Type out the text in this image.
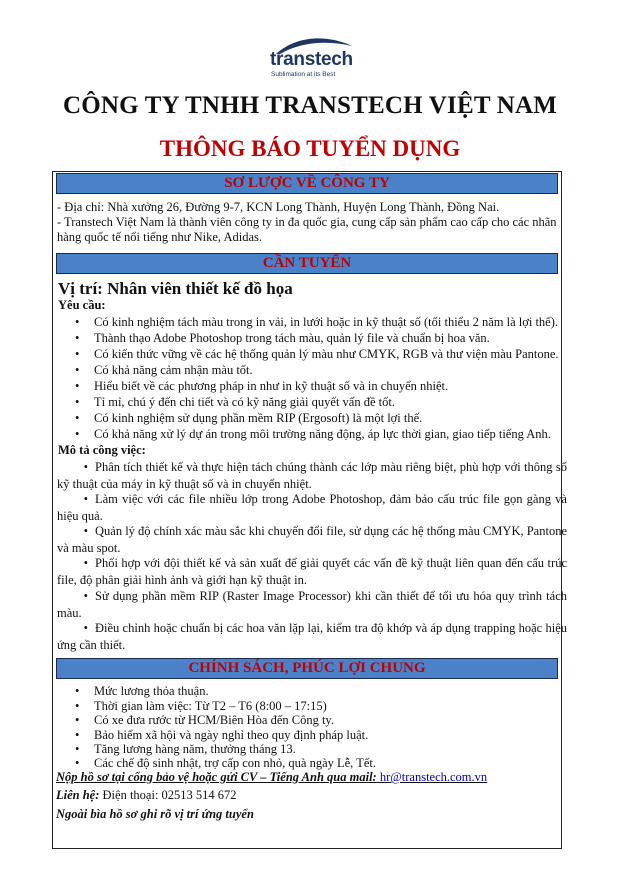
transtech
Sublimation at its Best
CÔNG TY TNHH TRANSTECH VIỆT NAM
THÔNG BÁO TUYỂN DỤNG
SƠ LƯỢC VỀ CÔNG TY
- Địa chỉ: Nhà xưởng 26, Đường 9-7, KCN Long Thành, Huyện Long Thành, Đồng Nai.
- Transtech Việt Nam là thành viên công ty in đa quốc gia, cung cấp sản phẩm cao cấp cho các nhãn hàng quốc tế nổi tiếng như Nike, Adidas.
CẦN TUYỂN
Vị trí: Nhân viên thiết kế đồ họa
Yêu cầu:
• Có kinh nghiệm tách màu trong in vải, in lưới hoặc in kỹ thuật số (tối thiểu 2 năm là lợi thế).
• Thành thạo Adobe Photoshop trong tách màu, quản lý file và chuẩn bị hoa văn.
• Có kiến thức vững về các hệ thống quản lý màu như CMYK, RGB và thư viện màu Pantone.
• Có khả năng cảm nhận màu tốt.
• Hiểu biết về các phương pháp in như in kỹ thuật số và in chuyển nhiệt.
• Tỉ mỉ, chú ý đến chi tiết và có kỹ năng giải quyết vấn đề tốt.
• Có kinh nghiệm sử dụng phần mềm RIP (Ergosoft) là một lợi thế.
• Có khả năng xử lý dự án trong môi trường năng động, áp lực thời gian, giao tiếp tiếng Anh.
Mô tả công việc:
• Phân tích thiết kế và thực hiện tách chúng thành các lớp màu riêng biệt, phù hợp với thông số kỹ thuật của máy in kỹ thuật số và in chuyển nhiệt.
• Làm việc với các file nhiều lớp trong Adobe Photoshop, đảm bảo cấu trúc file gọn gàng và hiệu quả.
• Quản lý độ chính xác màu sắc khi chuyển đổi file, sử dụng các hệ thống màu CMYK, Pantone và màu spot.
• Phối hợp với đội thiết kế và sản xuất để giải quyết các vấn đề kỹ thuật liên quan đến cấu trúc file, độ phân giải hình ảnh và giới hạn kỹ thuật in.
• Sử dụng phần mềm RIP (Raster Image Processor) khi cần thiết để tối ưu hóa quy trình tách màu.
• Điều chỉnh hoặc chuẩn bị các hoa văn lặp lại, kiểm tra độ khớp và áp dụng trapping hoặc hiệu ứng cần thiết.
CHÍNH SÁCH, PHÚC LỢI CHUNG
• Mức lương thỏa thuận.
• Thời gian làm việc: Từ T2 – T6 (8:00 – 17:15)
• Có xe đưa rước từ HCM/Biên Hòa đến Công ty.
• Bảo hiểm xã hội và ngày nghỉ theo quy định pháp luật.
• Tăng lương hàng năm, thưởng tháng 13.
Nộp hồ sơ tại cổng bảo vệ hoặc gửi CV – Tiếng Anh qua mail: hr@transtech.com.vn
Liên hệ: Điện thoại: 02513 514 672
Ngoài bìa hồ sơ ghi rõ vị trí ứng tuyển
• Các chế độ sinh nhật, trợ cấp con nhỏ, quà ngày Lễ, Tết.
